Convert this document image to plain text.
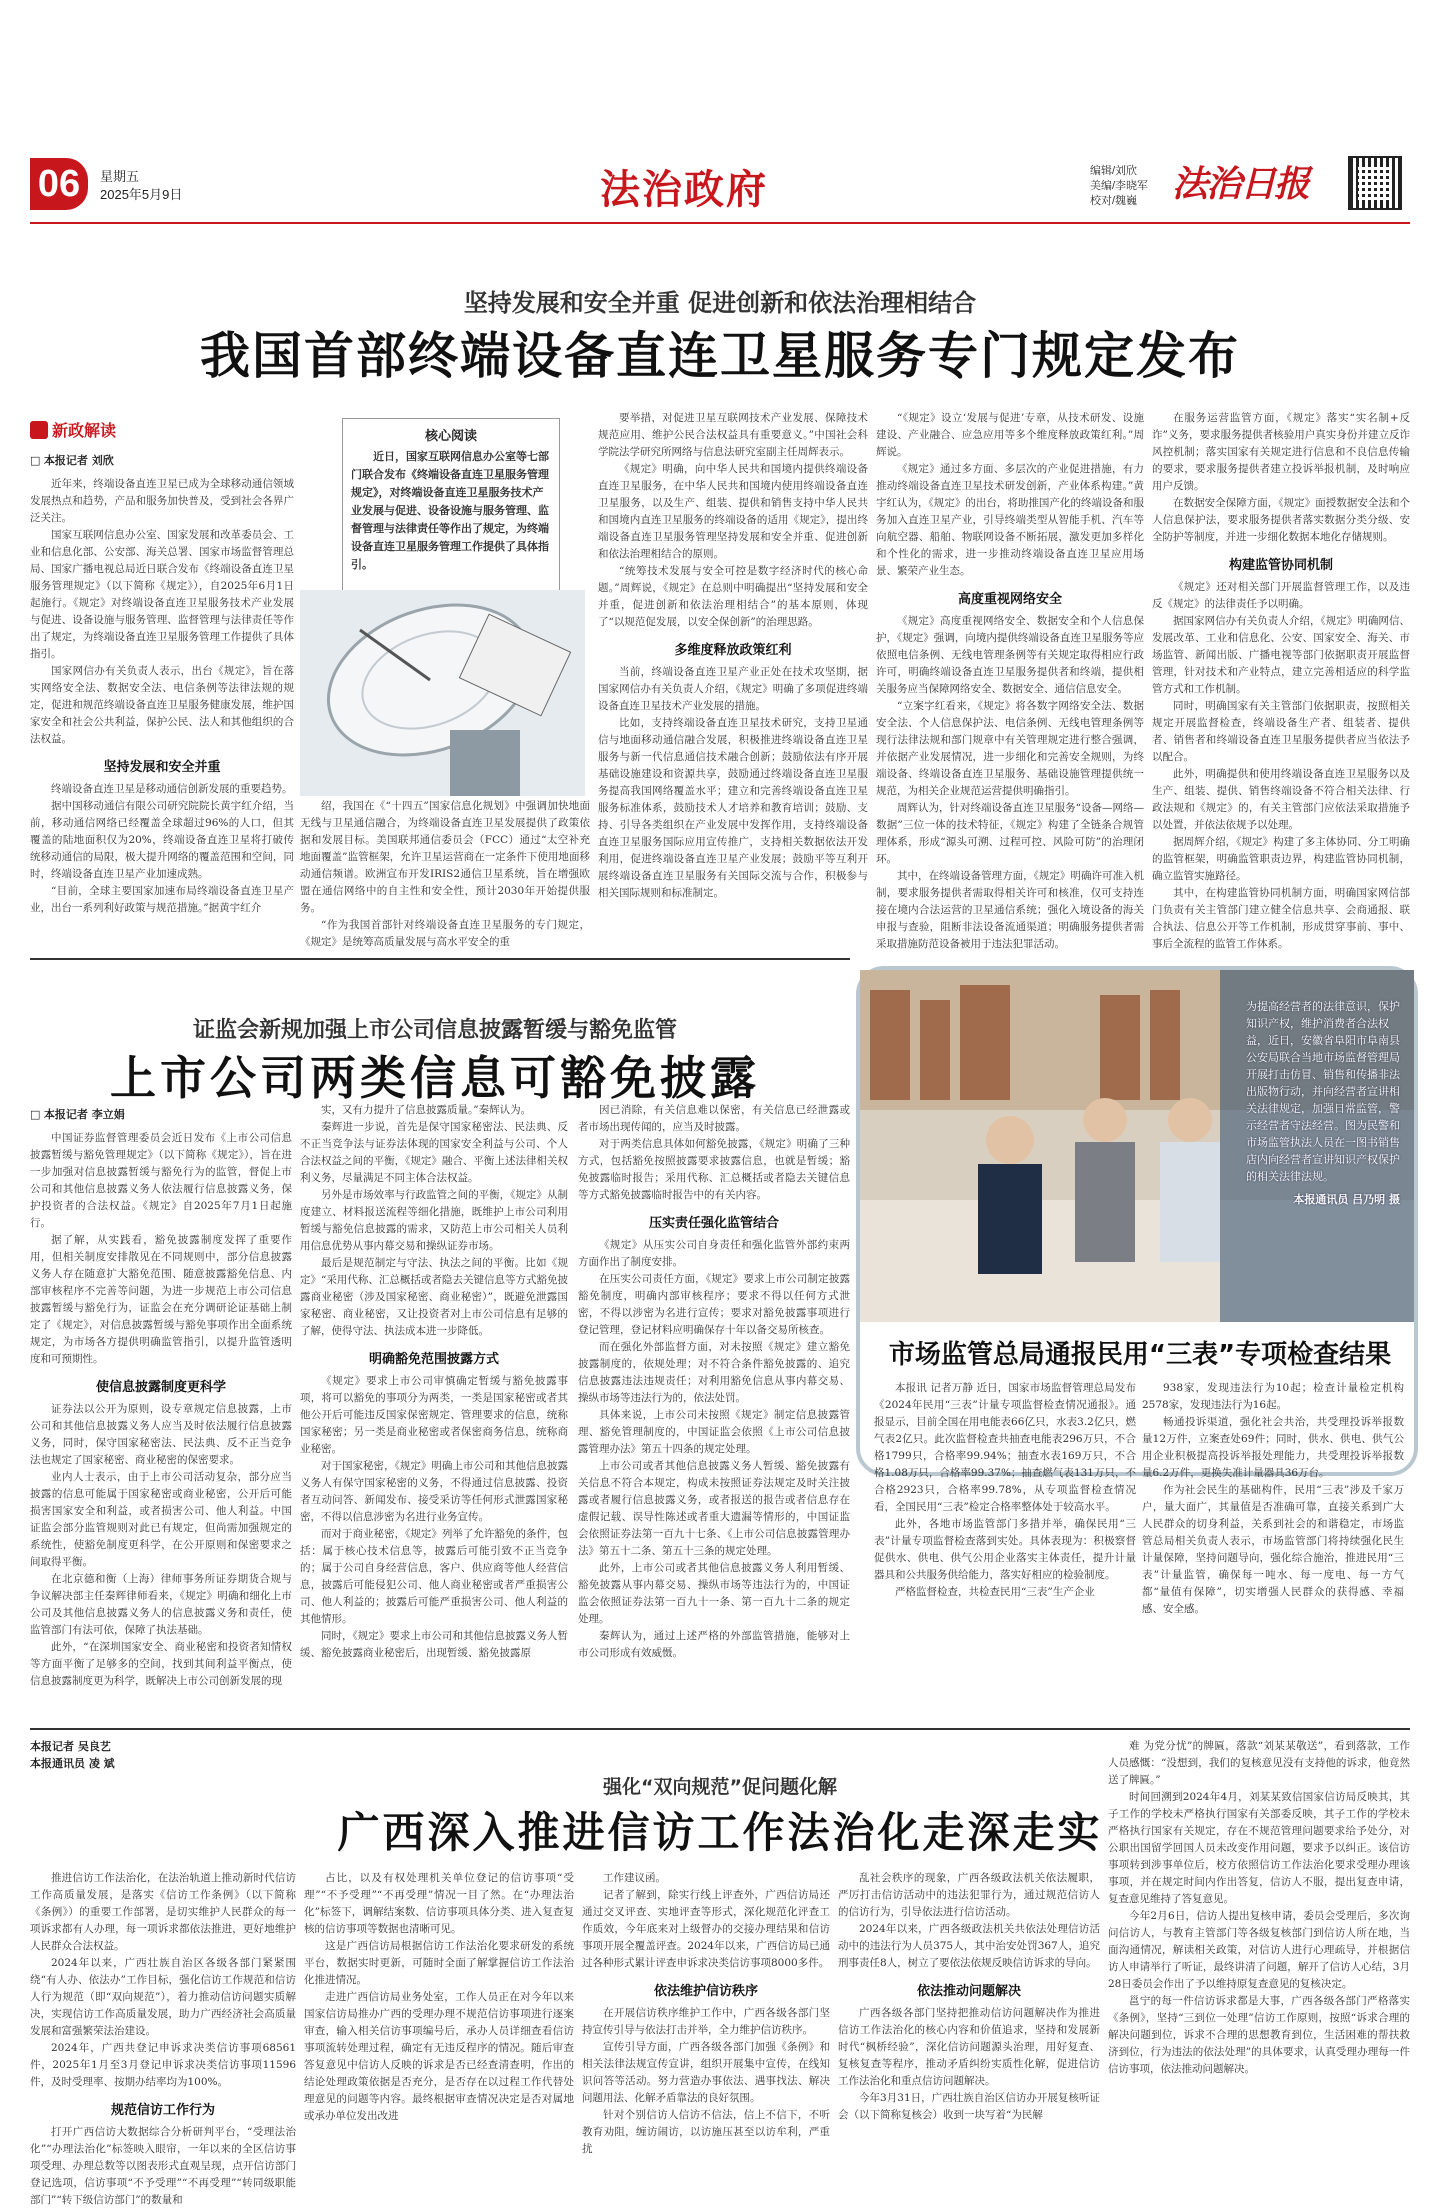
06	星期五
2025年5月9日	法治政府	编辑/刘欣
美编/李晓军
校对/魏巍 法治日报
坚持发展和安全并重 促进创新和依法治理相结合
我国首部终端设备直连卫星服务专门规定发布
新政解读
□ 本报记者 刘欣

近年来，终端设备直连卫星已成为全球移动通信领域发展热点和趋势，产品和服务加快普及，受到社会各界广泛关注。

国家互联网信息办公室、国家发展和改革委员会、工业和信息化部、公安部、海关总署、国家市场监督管理总局、国家广播电视总局近日联合发布《终端设备直连卫星服务管理规定》（以下简称《规定》），自2025年6月1日起施行。《规定》对终端设备直连卫星服务技术产业发展与促进、设备设施与服务管理、监督管理与法律责任等作出了规定，为终端设备直连卫星服务管理工作提供了具体指引。

国家网信办有关负责人表示，出台《规定》，旨在落实网络安全法、数据安全法、电信条例等法律法规的规定，促进和规范终端设备直连卫星服务健康发展，维护国家安全和社会公共利益，保护公民、法人和其他组织的合法权益。

坚持发展和安全并重

终端设备直连卫星是移动通信创新发展的重要趋势。

据中国移动通信有限公司研究院院长黄宇红介绍，当前，移动通信网络已经覆盖全球超过96%的人口，但其覆盖的陆地面积仅为20%，终端设备直连卫星将打破传统移动通信的局限，极大提升网络的覆盖范围和空间，同时，终端设备直连卫星产业加速成熟。

“目前，全球主要国家加速布局终端设备直连卫星产业，出台一系列利好政策与规范措施。”据黄宇红介

核心阅读
近日，国家互联网信息办公室等七部门联合发布《终端设备直连卫星服务管理规定》，对终端设备直连卫星服务技术产业发展与促进、设备设施与服务管理、监督管理与法律责任等作出了规定，为终端设备直连卫星服务管理工作提供了具体指引。

绍，我国在《“十四五”国家信息化规划》中强调加快地面无线与卫星通信融合，为终端设备直连卫星发展提供了政策依据和发展目标。美国联邦通信委员会（FCC）通过“太空补充地面覆盖”监管框架，允许卫星运营商在一定条件下使用地面移动通信频谱。欧洲宣布开发IRIS2通信卫星系统，旨在增强欧盟在通信网络中的自主性和安全性，预计2030年开始提供服务。

“作为我国首部针对终端设备直连卫星服务的专门规定，《规定》是统筹高质量发展与高水平安全的重

要举措，对促进卫星互联网技术产业发展、保障技术规范应用、维护公民合法权益具有重要意义。”中国社会科学院法学研究所网络与信息法研究室副主任周辉表示。

《规定》明确，向中华人民共和国境内提供终端设备直连卫星服务，在中华人民共和国境内使用终端设备直连卫星服务，以及生产、组装、提供和销售支持中华人民共和国境内直连卫星服务的终端设备的适用《规定》，提出终端设备直连卫星服务管理坚持发展和安全并重、促进创新和依法治理相结合的原则。

“统筹技术发展与安全可控是数字经济时代的核心命题。”周辉说，《规定》在总则中明确提出“坚持发展和安全并重，促进创新和依法治理相结合”的基本原则，体现了“以规范促发展，以安全保创新”的治理思路。

多维度释放政策红利

当前，终端设备直连卫星产业正处在技术攻坚期，据国家网信办有关负责人介绍，《规定》明确了多项促进终端设备直连卫星技术产业发展的措施。

比如，支持终端设备直连卫星技术研究，支持卫星通信与地面移动通信融合发展，积极推进终端设备直连卫星服务与新一代信息通信技术融合创新；鼓励依法有序开展基础设施建设和资源共享，鼓励通过终端设备直连卫星服务提高我国网络覆盖水平；建立和完善终端设备直连卫星服务标准体系，鼓励技术人才培养和教育培训；鼓励、支持、引导各类组织在产业发展中发挥作用，支持终端设备直连卫星服务国际应用宣传推广，支持相关数据依法开发利用，促进终端设备直连卫星产业发展；鼓励平等互利开展终端设备直连卫星服务有关国际交流与合作，积极参与相关国际规则和标准制定。

“《规定》设立‘发展与促进’专章，从技术研发、设施建设、产业融合、应急应用等多个维度释放政策红利。”周辉说。

《规定》通过多方面、多层次的产业促进措施，有力推动终端设备直连卫星技术研发创新，产业体系构建。”黄宇红认为，《规定》的出台，将助推国产化的终端设备和服务加入直连卫星产业，引导终端类型从智能手机、汽车等向航空器、船舶、物联网设备不断拓展，激发更加多样化和个性化的需求，进一步推动终端设备直连卫星应用场景、繁荣产业生态。

高度重视网络安全

《规定》高度重视网络安全、数据安全和个人信息保护，《规定》强调，向境内提供终端设备直连卫星服务等应依照电信条例、无线电管理条例等有关规定取得相应行政许可，明确终端设备直连卫星服务提供者和终端，提供相关服务应当保障网络安全、数据安全、通信信息安全。

“立案字红看来，《规定》将各数字网络安全法、数据安全法、个人信息保护法、电信条例、无线电管理条例等现行法律法规和部门规章中有关管理规定进行整合强调，并依据产业发展情况，进一步细化和完善安全规则，为终端设备、终端设备直连卫星服务、基础设施管理提供统一规范，为相关企业规范运营提供明确指引。

周辉认为，针对终端设备直连卫星服务“设备—网络—数据”三位一体的技术特征，《规定》构建了全链条合规管理体系，形成“源头可溯、过程可控、风险可防”的治理闭环。

其中，在终端设备管理方面，《规定》明确许可准入机制，要求服务提供者需取得相关许可和核准，仅可支持连接在境内合法运营的卫星通信系统；强化入境设备的海关申报与查验，阻断非法设备流通渠道；明确服务提供者需采取措施防范设备被用于违法犯罪活动。

在服务运营监管方面，《规定》落实“实名制+反诈”义务，要求服务提供者核验用户真实身份并建立反诈风控机制；落实国家有关规定进行信息和不良信息传输的要求，要求服务提供者建立投诉举报机制，及时响应用户反馈。

在数据安全保障方面，《规定》面授数据安全法和个人信息保护法，要求服务提供者落实数据分类分级、安全防护等制度，并进一步细化数据本地化存储规则。

构建监管协同机制

《规定》还对相关部门开展监督管理工作，以及违反《规定》的法律责任予以明确。

据国家网信办有关负责人介绍，《规定》明确网信、发展改革、工业和信息化、公安、国家安全、海关、市场监管、新闻出版、广播电视等部门依据职责开展监督管理，针对技术和产业特点，建立完善相适应的科学监管方式和工作机制。

同时，明确国家有关主管部门依据职责，按照相关规定开展监督检查，终端设备生产者、组装者、提供者、销售者和终端设备直连卫星服务提供者应当依法予以配合。

此外，明确提供和使用终端设备直连卫星服务以及生产、组装、提供、销售终端设备不符合相关法律、行政法规和《规定》的，有关主管部门应依法采取措施予以处置，并依法依规予以处理。

据周辉介绍，《规定》构建了多主体协同、分工明确的监管框架，明确监管职责边界，构建监管协同机制，确立监管实施路径。

其中，在构建监管协同机制方面，明确国家网信部门负责有关主管部门建立健全信息共享、会商通报、联合执法、信息公开等工作机制，形成贯穿事前、事中、事后全流程的监管工作体系。

证监会新规加强上市公司信息披露暂缓与豁免监管
上市公司两类信息可豁免披露
□ 本报记者 李立娟

中国证券监督管理委员会近日发布《上市公司信息披露暂缓与豁免管理规定》（以下简称《规定》），旨在进一步加强对信息披露暂缓与豁免行为的监管，督促上市公司和其他信息披露义务人依法履行信息披露义务，保护投资者的合法权益。《规定》自2025年7月1日起施行。

据了解，从实践看，豁免披露制度发挥了重要作用，但相关制度安排散见在不同规则中，部分信息披露义务人存在随意扩大豁免范围、随意披露豁免信息、内部审核程序不完善等问题，为进一步规范上市公司信息披露暂缓与豁免行为，证监会在充分调研论证基础上制定了《规定》，对信息披露暂缓与豁免事项作出全面系统规定，为市场各方提供明确监管指引，以提升监管透明度和可预期性。

使信息披露制度更科学

证券法以公开为原则，设专章规定信息披露，上市公司和其他信息披露义务人应当及时依法履行信息披露义务，同时，保守国家秘密法、民法典、反不正当竞争法也规定了国家秘密、商业秘密的保密要求。

业内人士表示，由于上市公司活动复杂，部分应当披露的信息可能属于国家秘密或商业秘密，公开后可能损害国家安全和利益，或者损害公司、他人利益。中国证监会部分监管规则对此已有规定，但尚需加强规定的系统性，使豁免制度更科学，在公开原则和保密要求之间取得平衡。

在北京德和衡（上海）律师事务所证券期货合规与争议解决部主任秦辉律师看来，《规定》明确和细化上市公司及其他信息披露义务人的信息披露义务和责任，使监管部门有法可依，保障了执法基础。

此外，“在深圳国家安全、商业秘密和投资者知情权等方面平衡了足够多的空间，找到其间利益平衡点，使信息披露制度更为科学，既解决上市公司创新发展的现

实，又有力提升了信息披露质量。”秦辉认为。

秦辉进一步说，首先是保守国家秘密法、民法典、反不正当竞争法与证券法体现的国家安全利益与公司、个人合法权益之间的平衡，《规定》融合、平衡上述法律相关权利义务，尽量满足不同主体合法权益。

另外是市场效率与行政监管之间的平衡，《规定》从制度建立、材料报送流程等细化措施，既维护上市公司利用暂缓与豁免信息披露的需求，又防范上市公司相关人员利用信息优势从事内幕交易和操纵证券市场。

最后是规范制定与守法、执法之间的平衡。比如《规定》“采用代称、汇总概括或者隐去关键信息等方式豁免披露商业秘密（涉及国家秘密、商业秘密）”，既避免泄露国家秘密、商业秘密，又让投资者对上市公司信息有足够的了解，使得守法、执法成本进一步降低。

明确豁免范围披露方式

《规定》要求上市公司审慎确定暂缓与豁免披露事项，将可以豁免的事项分为两类，一类是国家秘密或者其他公开后可能违反国家保密规定、管理要求的信息，统称国家秘密；另一类是商业秘密或者保密商务信息，统称商业秘密。

对于国家秘密，《规定》明确上市公司和其他信息披露义务人有保守国家秘密的义务，不得通过信息披露、投资者互动问答、新闻发布、接受采访等任何形式泄露国家秘密，不得以信息涉密为名进行业务宣传。

而对于商业秘密，《规定》列举了允许豁免的条件，包括：属于核心技术信息等，披露后可能引致不正当竞争的；属于公司自身经营信息，客户、供应商等他人经营信息，披露后可能侵犯公司、他人商业秘密或者严重损害公司、他人利益的；披露后可能严重损害公司、他人利益的其他情形。

同时，《规定》要求上市公司和其他信息披露义务人暂缓、豁免披露商业秘密后，出现暂缓、豁免披露原

因已消除，有关信息难以保密，有关信息已经泄露或者市场出现传闻的，应当及时披露。

对于两类信息具体如何豁免披露，《规定》明确了三种方式，包括豁免按照披露要求披露信息，也就是暂缓；豁免披露临时报告；采用代称、汇总概括或者隐去关键信息等方式豁免披露临时报告中的有关内容。

压实责任强化监管结合

《规定》从压实公司自身责任和强化监管外部约束两方面作出了制度安排。

在压实公司责任方面，《规定》要求上市公司制定披露豁免制度，明确内部审核程序；要求不得以任何方式泄密，不得以涉密为名进行宣传；要求对豁免披露事项进行登记管理，登记材料应明确保存十年以备交易所核查。

而在强化外部监督方面，对未按照《规定》建立豁免披露制度的，依规处理；对不符合条件豁免披露的、追究信息披露违法违规责任；对利用豁免信息从事内幕交易、操纵市场等违法行为的，依法处罚。

具体来说，上市公司未按照《规定》制定信息披露管理、豁免管理制度的，中国证监会依照《上市公司信息披露管理办法》第五十四条的规定处理。

上市公司或者其他信息披露义务人暂缓、豁免披露有关信息不符合本规定，构成未按照证券法规定及时关注披露或者履行信息披露义务，或者报送的报告或者信息存在虚假记载、误导性陈述或者重大遗漏等情形的，中国证监会依照证券法第一百九十七条、《上市公司信息披露管理办法》第五十二条、第五十三条的规定处理。

此外，上市公司或者其他信息披露义务人利用暂缓、豁免披露从事内幕交易、操纵市场等违法行为的，中国证监会依照证券法第一百九十一条、第一百九十二条的规定处理。

秦辉认为，通过上述严格的外部监管措施，能够对上市公司形成有效威慑。

为提高经营者的法律意识，保护知识产权，维护消费者合法权益，近日，安徽省阜阳市阜南县公安局联合当地市场监督管理局开展打击仿冒、销售和传播非法出版物行动，并向经营者宣讲相关法律规定，加强日常监管，警示经营者守法经营。图为民警和市场监管执法人员在一图书销售店内向经营者宣讲知识产权保护的相关法律法规。
本报通讯员 吕乃明 摄
市场监管总局通报民用“三表”专项检查结果

本报讯 记者万静 近日，国家市场监督管理总局发布《2024年民用“三表”计量专项监督检查情况通报》。通报显示，目前全国在用电能表66亿只，水表3.2亿只，燃气表2亿只。此次监督检查共抽查电能表296万只，不合格1799只，合格率99.94%；抽查水表169万只，不合格1.08万只，合格率99.37%；抽查燃气表131万只，不合格2923只，合格率99.78%，从专项监督检查情况看，全国民用“三表”检定合格率整体处于较高水平。

此外，各地市场监管部门多措并举，确保民用“三表”计量专项监督检查落到实处。具体表现为：积极察督促供水、供电、供气公用企业落实主体责任，提升计量器具和公共服务供给能力，落实好相应的检验制度。

严格监督检查，共检查民用“三表”生产企业

938家，发现违法行为10起；检查计量检定机构2578家，发现违法行为16起。

畅通投诉渠道，强化社会共治，共受理投诉举报数量12万件，立案查处69件；同时，供水、供电、供气公用企业积极提高投诉举报处理能力，共受理投诉举报数量6.2万件，更换失准计量器具36万台。

作为社会民生的基础构件，民用“三表”涉及千家万户，量大面广，其量值是否准确可靠，直接关系到广大人民群众的切身利益，关系到社会的和谐稳定，市场监管总局相关负责人表示，市场监管部门将持续强化民生计量保障，坚持问题导向，强化综合施治，推进民用“三表”计量监管，确保每一吨水、每一度电、每一方气都“量值有保障”，切实增强人民群众的获得感、幸福感、安全感。

本报记者 吴良艺
本报通讯员 凌 斌
强化“双向规范”促问题化解
广西深入推进信访工作法治化走深走实

推进信访工作法治化，在法治轨道上推动新时代信访工作高质量发展，是落实《信访工作条例》（以下简称《条例》）的重要工作部署，是切实维护人民群众的每一项诉求都有人办理，每一项诉求都依法推进，更好地维护人民群众合法权益。

2024年以来，广西壮族自治区各级各部门紧紧围绕“有人办、依法办”工作目标，强化信访工作规范和信访人行为规范（即“双向规范”），着力推动信访问题实质解决，实现信访工作高质量发展，助力广西经济社会高质量发展和富强繁荣法治建设。

2024年，广西共登记申诉求决类信访事项68561件，2025年1月至3月登记申诉求决类信访事项11596件，及时受理率、按期办结率均为100%。

规范信访工作行为

打开广西信访大数据综合分析研判平台，“受理法治化”“办理法治化”标签映入眼帘，一年以来的全区信访事项受理、办理总数等以图表形式直观呈现，点开信访部门登记选项，信访事项“不予受理”“不再受理”“转同级职能部门”“转下级信访部门”的数量和

占比，以及有权处理机关单位登记的信访事项“受理”“不予受理”“不再受理”情况一目了然。在“办理法治化”标签下，调解结案数、信访事项具体分类、进入复查复核的信访事项等数据也清晰可见。

这是广西信访局根据信访工作法治化要求研发的系统平台，数据实时更新，可随时全面了解掌握信访工作法治化推进情况。

走进广西信访局业务处室，工作人员正在对今年以来国家信访局推办广西的受理办理不规范信访事项进行逐案审查，输入相关信访事项编号后，承办人员详细查看信访事项流转处理过程，确定有无违反程序的情况。随后审查答复意见中信访人反映的诉求是否已经查清查明，作出的结论处理政策依据是否充分，是否存在以过程工作代替处理意见的问题等内容。最终根据审查情况决定是否对属地或承办单位发出改进

工作建议函。

记者了解到，除实行线上评查外，广西信访局还通过交叉评查、实地评查等形式，深化规范化评查工作质效，今年底来对上级督办的交接办理结果和信访事项开展全覆盖评查。2024年以来，广西信访局已通过各种形式累计评查申诉求决类信访事项8000多件。

依法维护信访秩序

在开展信访秩序维护工作中，广西各级各部门坚持宣传引导与依法打击并举，全力维护信访秩序。

宣传引导方面，广西各级各部门加强《条例》和相关法律法规宣传宣讲，组织开展集中宣传，在线知识问答等活动。努力营造办事依法、遇事找法、解决问题用法、化解矛盾靠法的良好氛围。

针对个别信访人信访不信法，信上不信下，不听教育劝阻，缠访闹访，以访施压甚至以访牟利，严重扰

乱社会秩序的现象，广西各级政法机关依法履职，严厉打击信访活动中的违法犯罪行为，通过规范信访人的信访行为，引导依法进行信访活动。

2024年以来，广西各级政法机关共依法处理信访活动中的违法行为人员375人，其中治安处罚367人，追究刑事责任8人，树立了要依法依规反映信访诉求的导向。

依法推动问题解决

广西各级各部门坚持把推动信访问题解决作为推进信访工作法治化的核心内容和价值追求，坚持和发展新时代“枫桥经验”，深化信访问题源头治理，用好复查、复核复查等程序，推动矛盾纠纷实质性化解，促进信访工作法治化和重点信访问题解决。

今年3月31日，广西壮族自治区信访办开展复核听证会（以下简称复核会）收到一块写着“为民解

难 为党分忧”的牌匾，落款“刘某某敬送”，看到落款，工作人员感慨：“没想到，我们的复核意见没有支持他的诉求，他竟然送了牌匾。”

时间回溯到2024年4月，刘某某致信国家信访局反映其，其子工作的学校未严格执行国家有关部委反映，其子工作的学校未严格执行国家有关规定，存在不规范管理问题要求给予处分，对公职出国留学回国人员未改变作用问题，要求予以纠正。该信访事项转到涉事单位后，校方依照信访工作法治化要求受理办理该事项，并在规定时间内作出答复，信访人不服，提出复查申请，复查意见维持了答复意见。

今年2月6日，信访人提出复核申请，委员会受理后，多次询问信访人，与教育主管部门等各级复核部门到信访人所在地，当面沟通情况，解读相关政策，对信访人进行心理疏导，并根据信访人申请举行了听证，最终讲清了问题，解开了信访人心结，3月28日委员会作出了予以维持原复查意见的复核决定。

邕宁的每一件信访诉求都是大事，广西各级各部门严格落实《条例》，坚持“三到位一处理”信访工作原则，按照“诉求合理的解决问题到位，诉求不合理的思想教育到位，生活困难的帮扶救济到位，行为违法的依法处理”的具体要求，认真受理办理每一件信访事项，依法推动问题解决。
